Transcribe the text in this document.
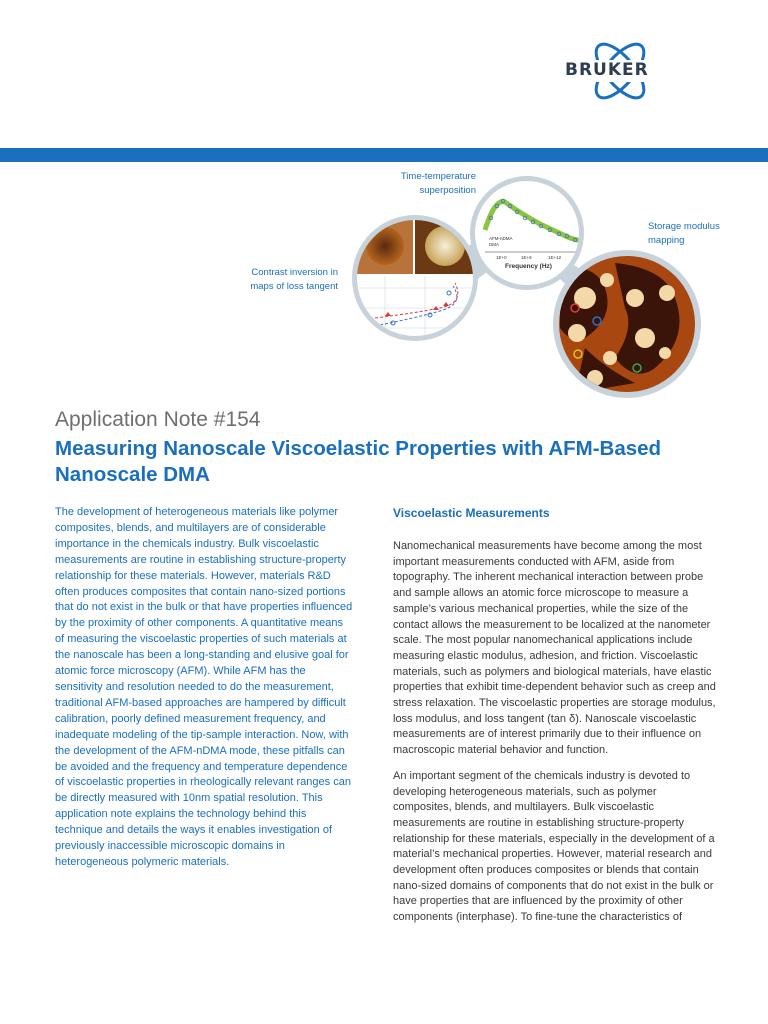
BRUKER
Time-temperature superposition
Storage modulus mapping
Contrast inversion in maps of loss tangent
AFM-nDMA
DMA
1E+0	1E+6	1E+12
Frequency (Hz)
Application Note #154
Measuring Nanoscale Viscoelastic Properties with AFM-Based Nanoscale DMA

The development of heterogeneous materials like polymer composites, blends, and multilayers are of considerable importance in the chemicals industry. Bulk viscoelastic measurements are routine in establishing structure-property relationship for these materials. However, materials R&D often produces composites that contain nano-sized portions that do not exist in the bulk or that have properties influenced by the proximity of other components. A quantitative means of measuring the viscoelastic properties of such materials at the nanoscale has been a long-standing and elusive goal for atomic force microscopy (AFM). While AFM has the sensitivity and resolution needed to do the measurement, traditional AFM-based approaches are hampered by difficult calibration, poorly defined measurement frequency, and inadequate modeling of the tip-sample interaction. Now, with the development of the AFM-nDMA mode, these pitfalls can be avoided and the frequency and temperature dependence of viscoelastic properties in rheologically relevant ranges can be directly measured with 10nm spatial resolution. This application note explains the technology behind this technique and details the ways it enables investigation of previously inaccessible microscopic domains in heterogeneous polymeric materials.

Viscoelastic Measurements

Nanomechanical measurements have become among the most important measurements conducted with AFM, aside from topography. The inherent mechanical interaction between probe and sample allows an atomic force microscope to measure a sample’s various mechanical properties, while the size of the contact allows the measurement to be localized at the nanometer scale. The most popular nanomechanical applications include measuring elastic modulus, adhesion, and friction. Viscoelastic materials, such as polymers and biological materials, have elastic properties that exhibit time-dependent behavior such as creep and stress relaxation. The viscoelastic properties are storage modulus, loss modulus, and loss tangent (tan δ). Nanoscale viscoelastic measurements are of interest primarily due to their influence on macroscopic material behavior and function.

An important segment of the chemicals industry is devoted to developing heterogeneous materials, such as polymer composites, blends, and multilayers. Bulk viscoelastic measurements are routine in establishing structure-property relationship for these materials, especially in the development of a material’s mechanical properties. However, material research and development often produces composites or blends that contain nano-sized domains of components that do not exist in the bulk or have properties that are influenced by the proximity of other components (interphase). To fine-tune the characteristics of
